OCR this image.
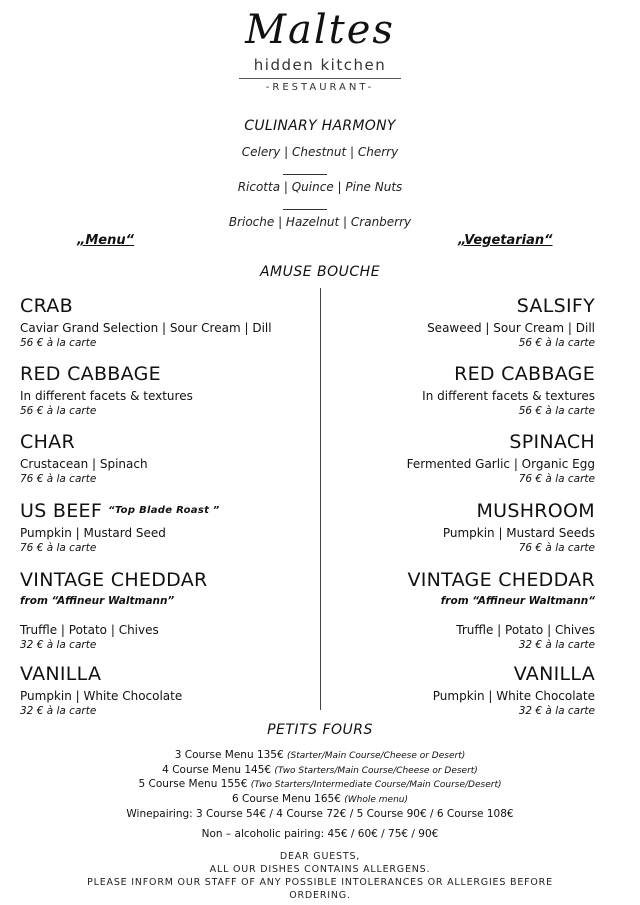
Maltes
hidden kitchen
-RESTAURANT-
CULINARY HARMONY
Celery | Chestnut | Cherry
Ricotta | Quince | Pine Nuts
Brioche | Hazelnut | Cranberry
„Menu“	„Vegetarian“
AMUSE BOUCHE
CRAB
Caviar Grand Selection | Sour Cream | Dill
56 € à la carte
RED CABBAGE
In different facets & textures
56 € à la carte
CHAR
Crustacean | Spinach
76 € à la carte
US BEEF $^{“Top Blade Roast ”}$
Pumpkin | Mustard Seed
76 € à la carte
VINTAGE CHEDDAR
from “Affineur Waltmann”
Truffle | Potato | Chives
32 € à la carte
VANILLA
Pumpkin | White Chocolate
32 € à la carte
SALSIFY
Seaweed | Sour Cream | Dill
56 € à la carte
RED CABBAGE
In different facets & textures
56 € à la carte
SPINACH
Fermented Garlic | Organic Egg
76 € à la carte
MUSHROOM
Pumpkin | Mustard Seeds
76 € à la carte
VINTAGE CHEDDAR
from “Affineur Waltmann“
Truffle | Potato | Chives
32 € à la carte
VANILLA
Pumpkin | White Chocolate
32 € à la carte
PETITS FOURS
3 Course Menu 135€ (Starter/Main Course/Cheese or Desert)
4 Course Menu 145€ (Two Starters/Main Course/Cheese or Desert)
5 Course Menu 155€ (Two Starters/Intermediate Course/Main Course/Desert)
6 Course Menu 165€ (Whole menu)
Winepairing: 3 Course 54€ / 4 Course 72€ / 5 Course 90€ / 6 Course 108€
Non – alcoholic pairing: 45€ / 60€ / 75€ / 90€
DEAR GUESTS,
ALL OUR DISHES CONTAINS ALLERGENS.
PLEASE INFORM OUR STAFF OF ANY POSSIBLE INTOLERANCES OR ALLERGIES BEFORE
ORDERING.
